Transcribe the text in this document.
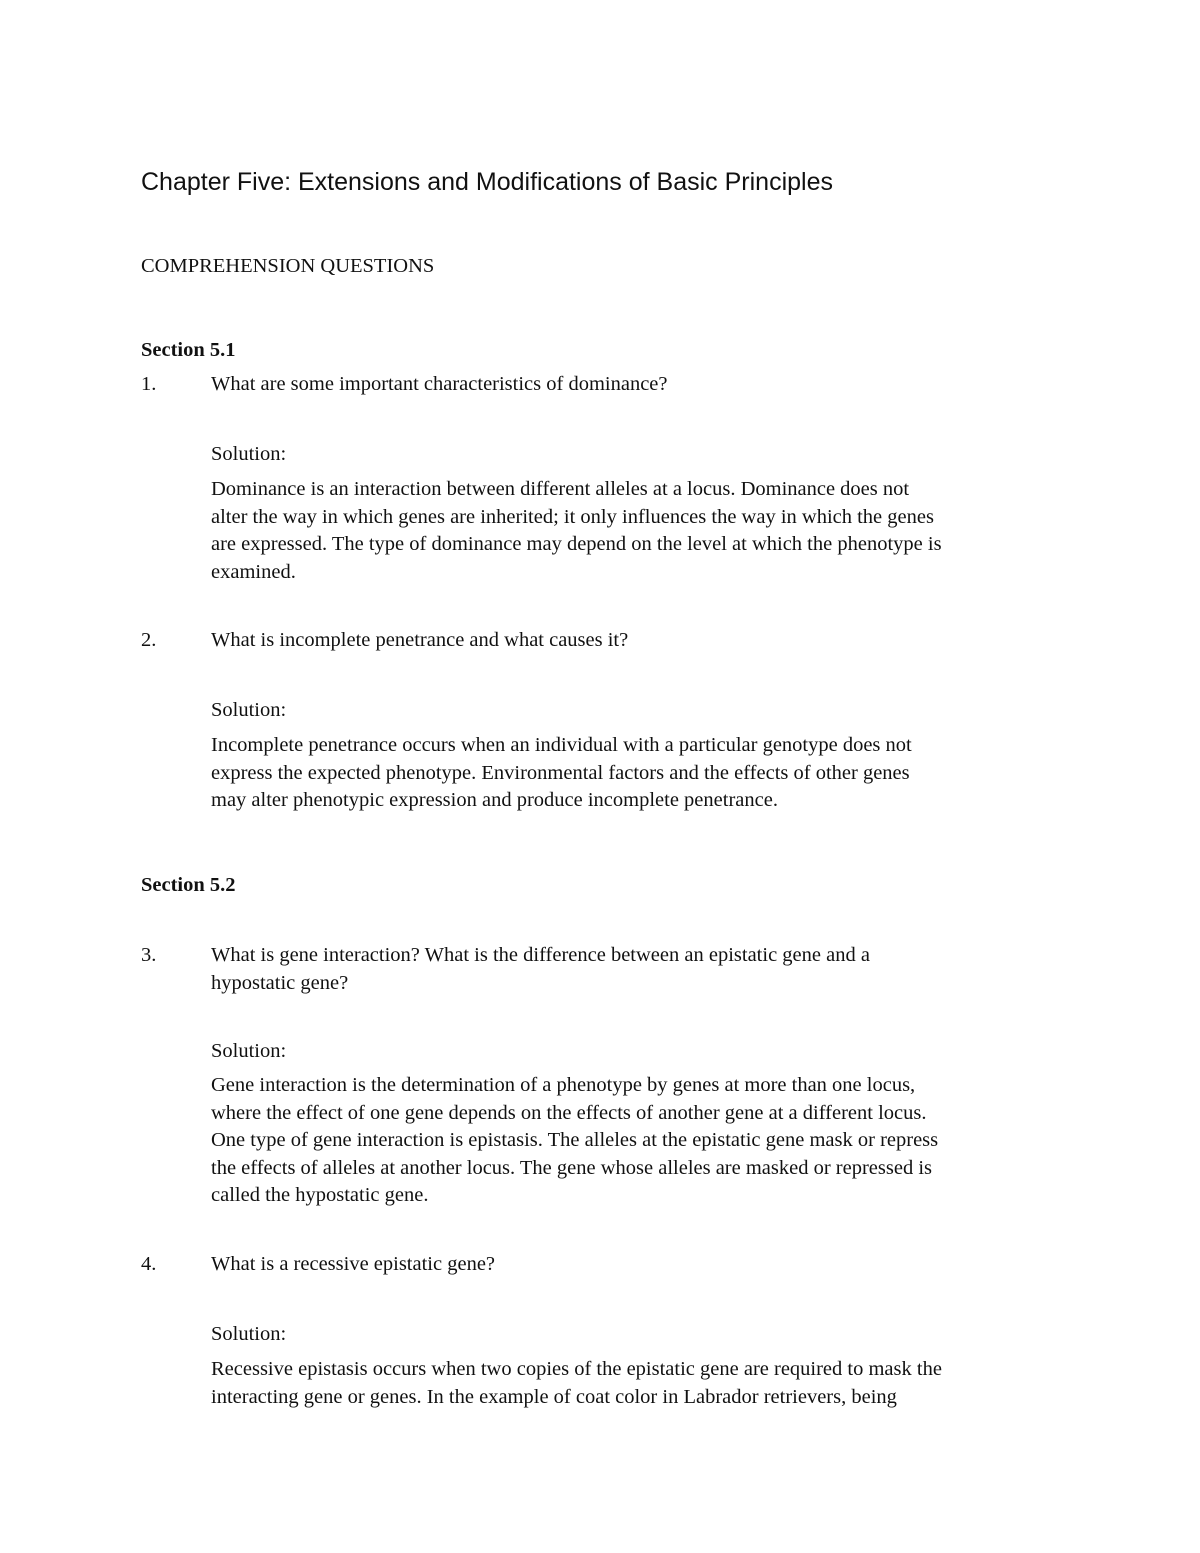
Chapter Five: Extensions and Modifications of Basic Principles
COMPREHENSION QUESTIONS
Section 5.1
1.	What are some important characteristics of dominance?
Solution:
Dominance is an interaction between different alleles at a locus. Dominance does not
alter the way in which genes are inherited; it only influences the way in which the genes
are expressed. The type of dominance may depend on the level at which the phenotype is
examined.
2.	What is incomplete penetrance and what causes it?
Solution:
Incomplete penetrance occurs when an individual with a particular genotype does not
express the expected phenotype. Environmental factors and the effects of other genes
may alter phenotypic expression and produce incomplete penetrance.
Section 5.2
3.	What is gene interaction? What is the difference between an epistatic gene and a
hypostatic gene?
Solution:
Gene interaction is the determination of a phenotype by genes at more than one locus,
where the effect of one gene depends on the effects of another gene at a different locus.
One type of gene interaction is epistasis. The alleles at the epistatic gene mask or repress
the effects of alleles at another locus. The gene whose alleles are masked or repressed is
called the hypostatic gene.
4.	What is a recessive epistatic gene?
Solution:
Recessive epistasis occurs when two copies of the epistatic gene are required to mask the
interacting gene or genes. In the example of coat color in Labrador retrievers, being
